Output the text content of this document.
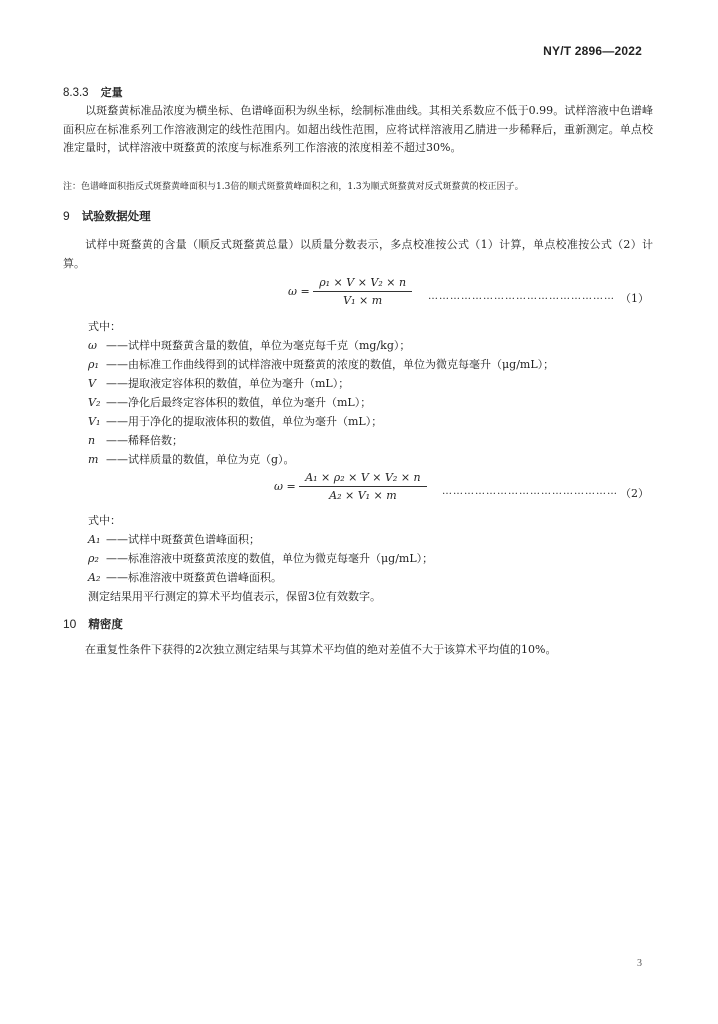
NY/T 2896—2022
8.3.3 定量
以斑蝥黄标准品浓度为横坐标、色谱峰面积为纵坐标，绘制标准曲线。其相关系数应不低于0.99。试样溶液中色谱峰面积应在标准系列工作溶液测定的线性范围内。如超出线性范围，应将试样溶液用乙腈进一步稀释后，重新测定。单点校准定量时，试样溶液中斑蝥黄的浓度与标准系列工作溶液的浓度相差不超过30%。
注：色谱峰面积指反式斑蝥黄峰面积与1.3倍的顺式斑蝥黄峰面积之和，1.3为顺式斑蝥黄对反式斑蝥黄的校正因子。
9 试验数据处理
试样中斑蝥黄的含量（顺反式斑蝥黄总量）以质量分数表示，多点校准按公式（1）计算，单点校准按公式（2）计算。
$\omega = \frac{\text{ρ₁ × V × V₂ × n}}{\text{V₁ × m}}$ …………………………………………… （1）
式中：
ω ——试样中斑蝥黄含量的数值，单位为毫克每千克（mg/kg）；
ρ₁ ——由标准工作曲线得到的试样溶液中斑蝥黄的浓度的数值，单位为微克每毫升（μg/mL）；
V ——提取液定容体积的数值，单位为毫升（mL）；
V₂ ——净化后最终定容体积的数值，单位为毫升（mL）；
V₁ ——用于净化的提取液体积的数值，单位为毫升（mL）；
n ——稀释倍数；
m ——试样质量的数值，单位为克（g）。
$\omega = \frac{\text{A₁ × ρ₂ × V × V₂ × n}}{\text{A₂ × V₁ × m}}$ ………………………………………… （2）
式中：
A₁ ——试样中斑蝥黄色谱峰面积；
ρ₂ ——标准溶液中斑蝥黄浓度的数值，单位为微克每毫升（μg/mL）；
A₂ ——标准溶液中斑蝥黄色谱峰面积。
测定结果用平行测定的算术平均值表示，保留3位有效数字。
10 精密度
在重复性条件下获得的2次独立测定结果与其算术平均值的绝对差值不大于该算术平均值的10%。
3
